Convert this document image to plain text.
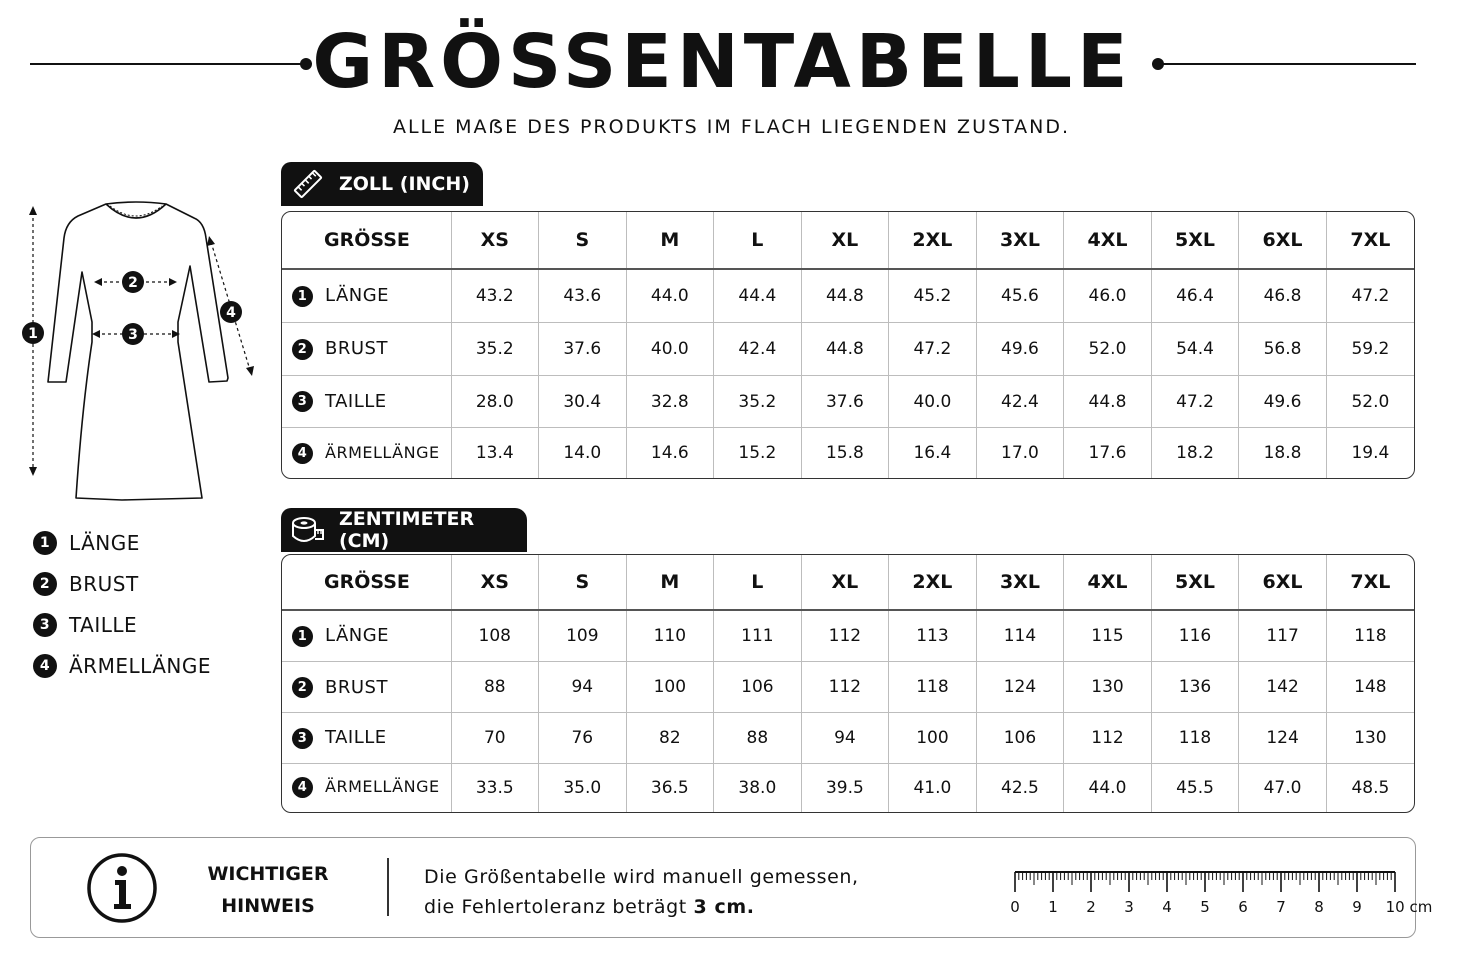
GRÖSSENTABELLE
ALLE MAẞE DES PRODUKTS IM FLACH LIEGENDEN ZUSTAND.
1
2
3
4
1 LÄNGE
2 BRUST
3 TAILLE
4 ÄRMELLÄNGE
ZOLL (INCH)
GRÖSSE	XS	S	M	L	XL	2XL	3XL	4XL	5XL	6XL	7XL
1 LÄNGE	43.2	43.6	44.0	44.4	44.8	45.2	45.6	46.0	46.4	46.8	47.2
2 BRUST	35.2	37.6	40.0	42.4	44.8	47.2	49.6	52.0	54.4	56.8	59.2
3 TAILLE	28.0	30.4	32.8	35.2	37.6	40.0	42.4	44.8	47.2	49.6	52.0
4 ÄRMELLÄNGE	13.4	14.0	14.6	15.2	15.8	16.4	17.0	17.6	18.2	18.8	19.4
ZENTIMETER (CM)
GRÖSSE	XS	S	M	L	XL	2XL	3XL	4XL	5XL	6XL	7XL
1 LÄNGE	108	109	110	111	112	113	114	115	116	117	118
2 BRUST	88	94	100	106	112	118	124	130	136	142	148
3 TAILLE	70	76	82	88	94	100	106	112	118	124	130
4 ÄRMELLÄNGE	33.5	35.0	36.5	38.0	39.5	41.0	42.5	44.0	45.5	47.0	48.5
WICHTIGER
HINWEIS
Die Größentabelle wird manuell gemessen,
die Fehlertoleranz beträgt 3 cm.	0 1 2 3 4 5 6 7 8 9 10 cm
